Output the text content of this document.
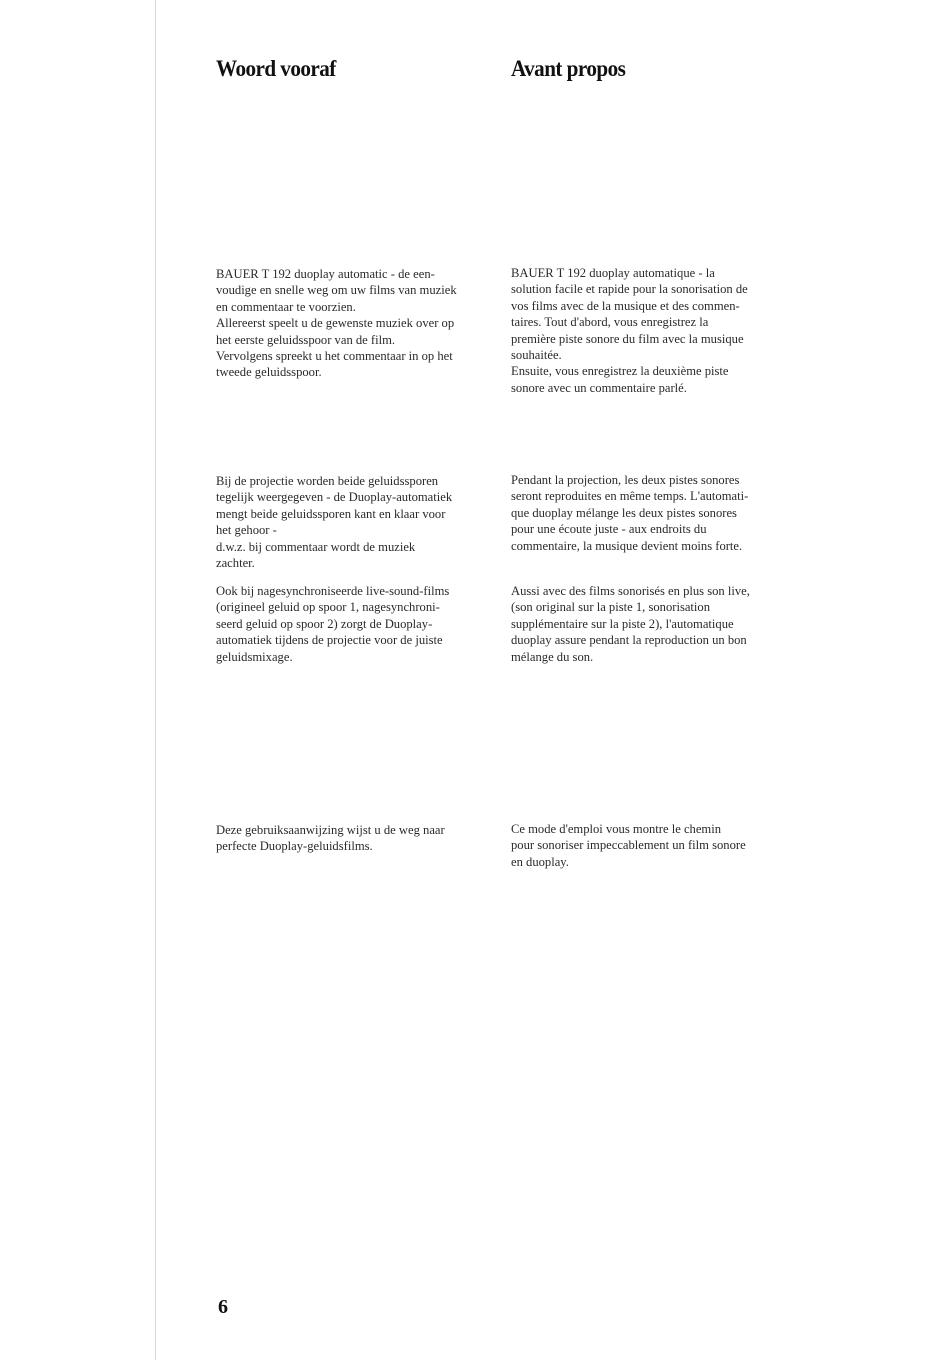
Woord vooraf	Avant propos

BAUER T 192 duoplay automatic - de een-
voudige en snelle weg om uw films van muziek
en commentaar te voorzien.
Allereerst speelt u de gewenste muziek over op
het eerste geluidsspoor van de film.
Vervolgens spreekt u het commentaar in op het
tweede geluidsspoor.

BAUER T 192 duoplay automatique - la
solution facile et rapide pour la sonorisation de
vos films avec de la musique et des commen-
taires. Tout d'abord, vous enregistrez la
première piste sonore du film avec la musique
souhaitée.
Ensuite, vous enregistrez la deuxième piste
sonore avec un commentaire parlé.

Bij de projectie worden beide geluidssporen
tegelijk weergegeven - de Duoplay-automatiek
mengt beide geluidssporen kant en klaar voor
het gehoor -
d.w.z. bij commentaar wordt de muziek
zachter.

Pendant la projection, les deux pistes sonores
seront reproduites en même temps. L'automati-
que duoplay mélange les deux pistes sonores
pour une écoute juste - aux endroits du
commentaire, la musique devient moins forte.

Ook bij nagesynchroniseerde live-sound-films
(origineel geluid op spoor 1, nagesynchroni-
seerd geluid op spoor 2) zorgt de Duoplay-
automatiek tijdens de projectie voor de juiste
geluidsmixage.

Aussi avec des films sonorisés en plus son live,
(son original sur la piste 1, sonorisation
supplémentaire sur la piste 2), l'automatique
duoplay assure pendant la reproduction un bon
mélange du son.

Deze gebruiksaanwijzing wijst u de weg naar
perfecte Duoplay-geluidsfilms.

Ce mode d'emploi vous montre le chemin
pour sonoriser impeccablement un film sonore
en duoplay.

6
